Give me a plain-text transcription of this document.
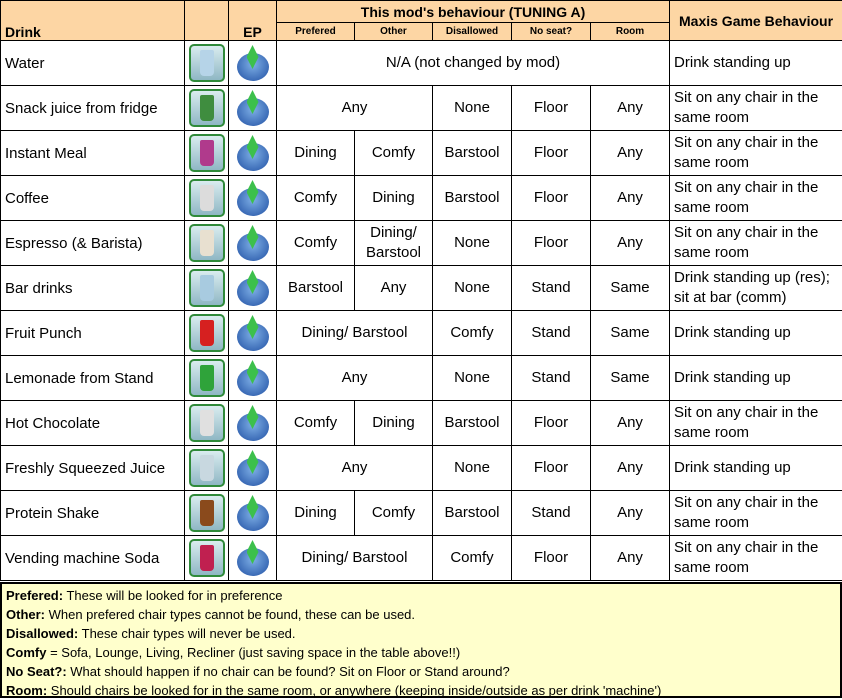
Drink		EP	This mod's behaviour (TUNING A)					Maxis Game Behaviour
			Prefered	Other	Disallowed	No seat?	Room	
Water			N/A (not changed by mod)					Drink standing up
Snack juice from fridge			Any		None	Floor	Any	Sit on any chair in the same room
Instant Meal			Dining	Comfy	Barstool	Floor	Any	Sit on any chair in the same room
Coffee			Comfy	Dining	Barstool	Floor	Any	Sit on any chair in the same room
Espresso (& Barista)			Comfy	Dining/ Barstool	None	Floor	Any	Sit on any chair in the same room
Bar drinks			Barstool	Any	None	Stand	Same	Drink standing up (res); sit at bar (comm)
Fruit Punch			Dining/ Barstool		Comfy	Stand	Same	Drink standing up
Lemonade from Stand			Any		None	Stand	Same	Drink standing up
Hot Chocolate			Comfy	Dining	Barstool	Floor	Any	Sit on any chair in the same room
Freshly Squeezed Juice			Any		None	Floor	Any	Drink standing up
Protein Shake			Dining	Comfy	Barstool	Stand	Any	Sit on any chair in the same room
Vending machine Soda			Dining/ Barstool		Comfy	Floor	Any	Sit on any chair in the same room
Prefered: These will be looked for in preference
Other: When prefered chair types cannot be found, these can be used.
Disallowed: These chair types will never be used.
Comfy = Sofa, Lounge, Living, Recliner (just saving space in the table above!!)
No Seat?: What should happen if no chair can be found? Sit on Floor or Stand around?
Room: Should chairs be looked for in the same room, or anywhere (keeping inside/outside as per drink 'machine')
